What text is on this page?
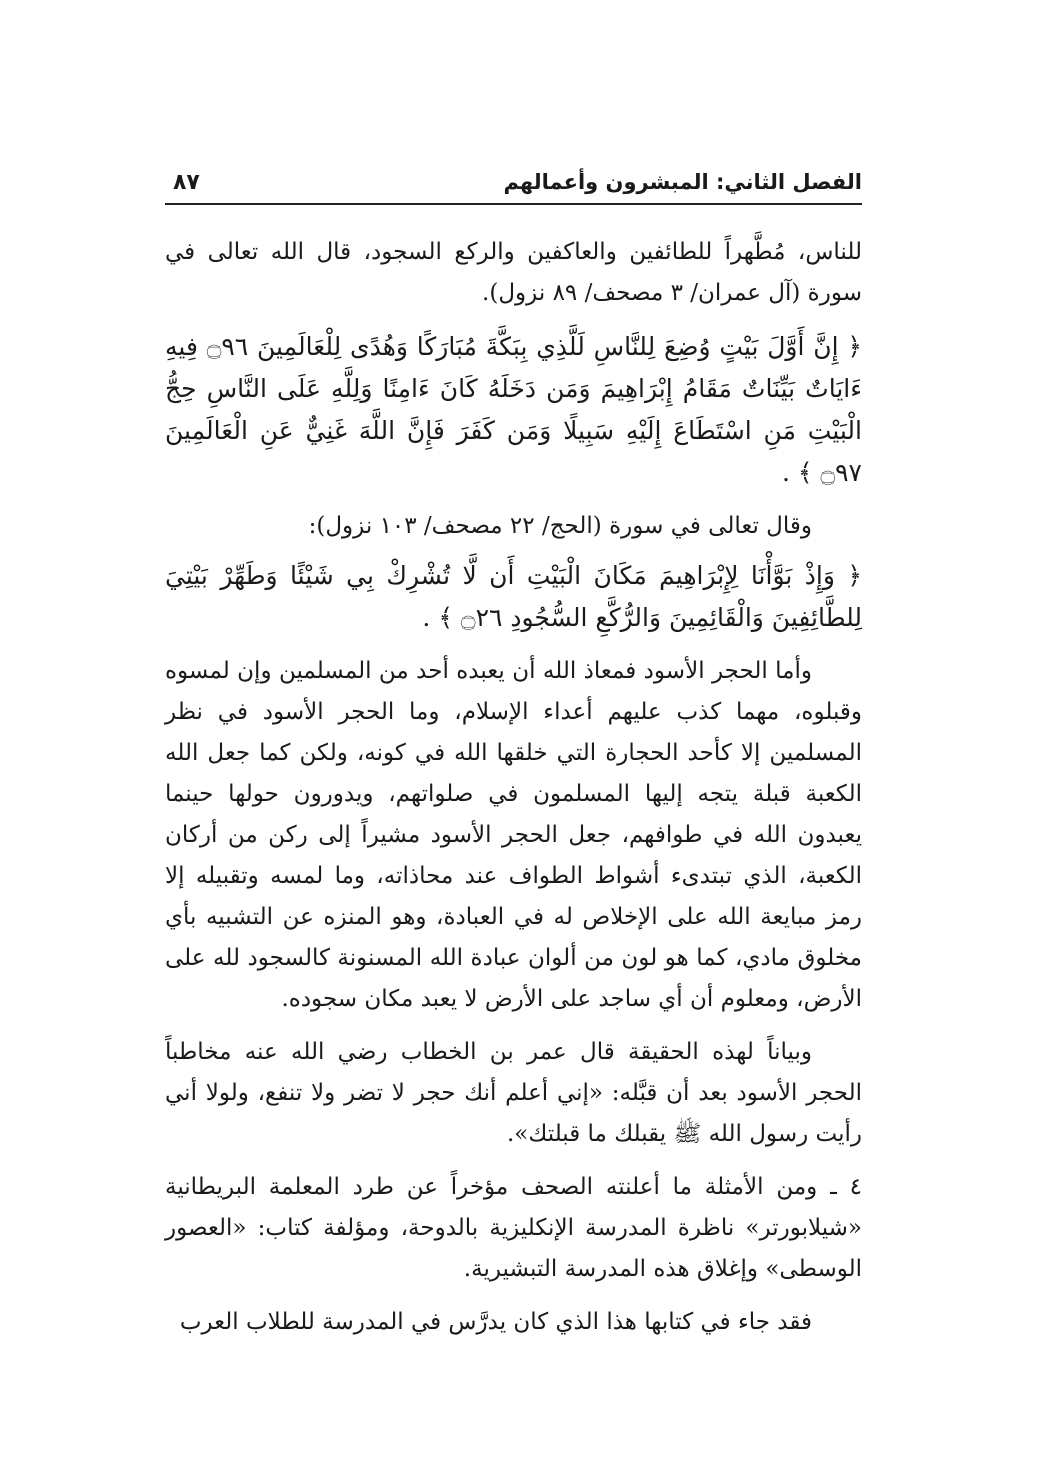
الفصل الثاني: المبشرون وأعمالهم
٨٧

للناس، مُطَّهراً للطائفين والعاكفين والركع السجود، قال الله تعالى في سورة (آل عمران/ ٣ مصحف/ ٨٩ نزول).

﴿ إِنَّ أَوَّلَ بَيْتٍ وُضِعَ لِلنَّاسِ لَلَّذِي بِبَكَّةَ مُبَارَكًا وَهُدًى لِلْعَالَمِينَ ۝٩٦ فِيهِ ءَايَاتٌ بَيِّنَاتٌ مَقَامُ إِبْرَاهِيمَ وَمَن دَخَلَهُ كَانَ ءَامِنًا وَلِلَّهِ عَلَى النَّاسِ حِجُّ الْبَيْتِ مَنِ اسْتَطَاعَ إِلَيْهِ سَبِيلًا وَمَن كَفَرَ فَإِنَّ اللَّهَ غَنِيٌّ عَنِ الْعَالَمِينَ ۝٩٧ ﴾ .

وقال تعالى في سورة (الحج/ ٢٢ مصحف/ ١٠٣ نزول):

﴿ وَإِذْ بَوَّأْنَا لِإِبْرَاهِيمَ مَكَانَ الْبَيْتِ أَن لَّا تُشْرِكْ بِي شَيْئًا وَطَهِّرْ بَيْتِيَ لِلطَّائِفِينَ وَالْقَائِمِينَ وَالرُّكَّعِ السُّجُودِ ۝٢٦ ﴾ .

وأما الحجر الأسود فمعاذ الله أن يعبده أحد من المسلمين وإن لمسوه وقبلوه، مهما كذب عليهم أعداء الإسلام، وما الحجر الأسود في نظر المسلمين إلا كأحد الحجارة التي خلقها الله في كونه، ولكن كما جعل الله الكعبة قبلة يتجه إليها المسلمون في صلواتهم، ويدورون حولها حينما يعبدون الله في طوافهم، جعل الحجر الأسود مشيراً إلى ركن من أركان الكعبة، الذي تبتدىء أشواط الطواف عند محاذاته، وما لمسه وتقبيله إلا رمز مبايعة الله على الإخلاص له في العبادة، وهو المنزه عن التشبيه بأي مخلوق مادي، كما هو لون من ألوان عبادة الله المسنونة كالسجود لله على الأرض، ومعلوم أن أي ساجد على الأرض لا يعبد مكان سجوده.

وبياناً لهذه الحقيقة قال عمر بن الخطاب رضي الله عنه مخاطباً الحجر الأسود بعد أن قبَّله: «إني أعلم أنك حجر لا تضر ولا تنفع، ولولا أني رأيت رسول الله ﷺ يقبلك ما قبلتك».

٤ ـ ومن الأمثلة ما أعلنته الصحف مؤخراً عن طرد المعلمة البريطانية «شيلابورتر» ناظرة المدرسة الإنكليزية بالدوحة، ومؤلفة كتاب: «العصور الوسطى» وإغلاق هذه المدرسة التبشيرية.

فقد جاء في كتابها هذا الذي كان يدرَّس في المدرسة للطلاب العرب
